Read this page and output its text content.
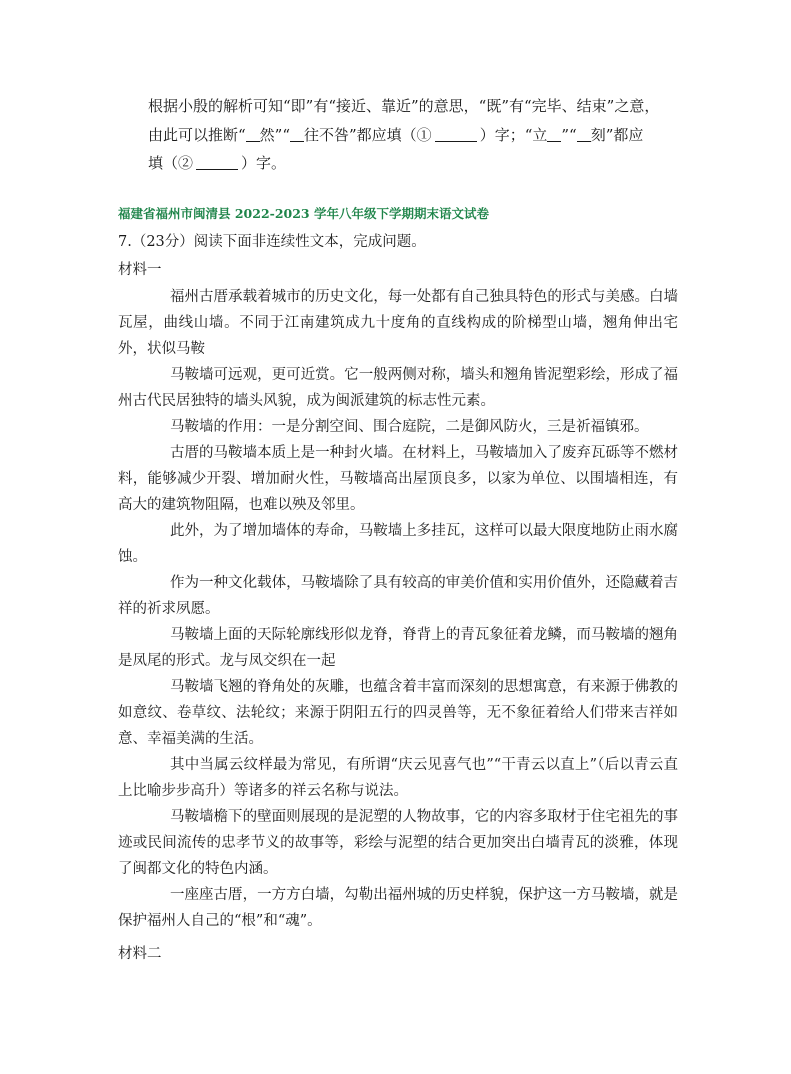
根据小殷的解析可知“即”有“接近、靠近”的意思，“既”有“完毕、结束”之意，

由此可以推断“ 然”“ 往不咎”都应填（①	）字；“立 ”“ 刻”都应

填（②	）字。

福建省福州市闽清县 2022-2023 学年八年级下学期期末语文试卷
7.（23分）阅读下面非连续性文本，完成问题。
材料一

福州古厝承载着城市的历史文化，每一处都有自己独具特色的形式与美感。白墙瓦屋，曲线山墙。不同于江南建筑成九十度角的直线构成的阶梯型山墙，翘角伸出宅外，状似马鞍

马鞍墙可远观，更可近赏。它一般两侧对称，墙头和翘角皆泥塑彩绘，形成了福州古代民居独特的墙头风貌，成为闽派建筑的标志性元素。

马鞍墙的作用：一是分割空间、围合庭院，二是御风防火，三是祈福镇邪。

古厝的马鞍墙本质上是一种封火墙。在材料上，马鞍墙加入了废弃瓦砾等不燃材料，能够减少开裂、增加耐火性，马鞍墙高出屋顶良多，以家为单位、以围墙相连，有高大的建筑物阻隔，也难以殃及邻里。

此外，为了增加墙体的寿命，马鞍墙上多挂瓦，这样可以最大限度地防止雨水腐蚀。

作为一种文化载体，马鞍墙除了具有较高的审美价值和实用价值外，还隐藏着吉祥的祈求夙愿。

马鞍墙上面的天际轮廓线形似龙脊，脊背上的青瓦象征着龙鳞，而马鞍墙的翘角是凤尾的形式。龙与凤交织在一起

马鞍墙飞翘的脊角处的灰雕，也蕴含着丰富而深刻的思想寓意，有来源于佛教的如意纹、卷草纹、法轮纹；来源于阴阳五行的四灵兽等，无不象征着给人们带来吉祥如意、幸福美满的生活。

其中当属云纹样最为常见，有所谓“庆云见喜气也”“干青云以直上”（后以青云直上比喻步步高升）等诸多的祥云名称与说法。

马鞍墙檐下的壁面则展现的是泥塑的人物故事，它的内容多取材于住宅祖先的事迹或民间流传的忠孝节义的故事等，彩绘与泥塑的结合更加突出白墙青瓦的淡雅，体现了闽都文化的特色内涵。

一座座古厝，一方方白墙，勾勒出福州城的历史样貌，保护这一方马鞍墙，就是保护福州人自己的“根”和“魂”。

材料二
